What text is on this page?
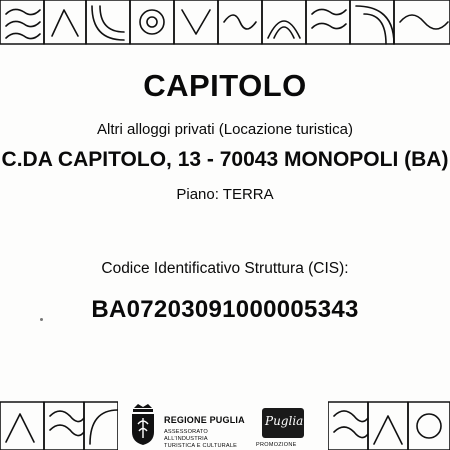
CAPITOLO
Altri alloggi privati (Locazione turistica)
C.DA CAPITOLO, 13 - 70043 MONOPOLI (BA)
Piano: TERRA
Codice Identificativo Struttura (CIS):
BA07203091000005343
REGIONE PUGLIA
ASSESSORATO ALL'INDUSTRIA
TURISTICA E CULTURALE
Puglia
PROMOZIONE
